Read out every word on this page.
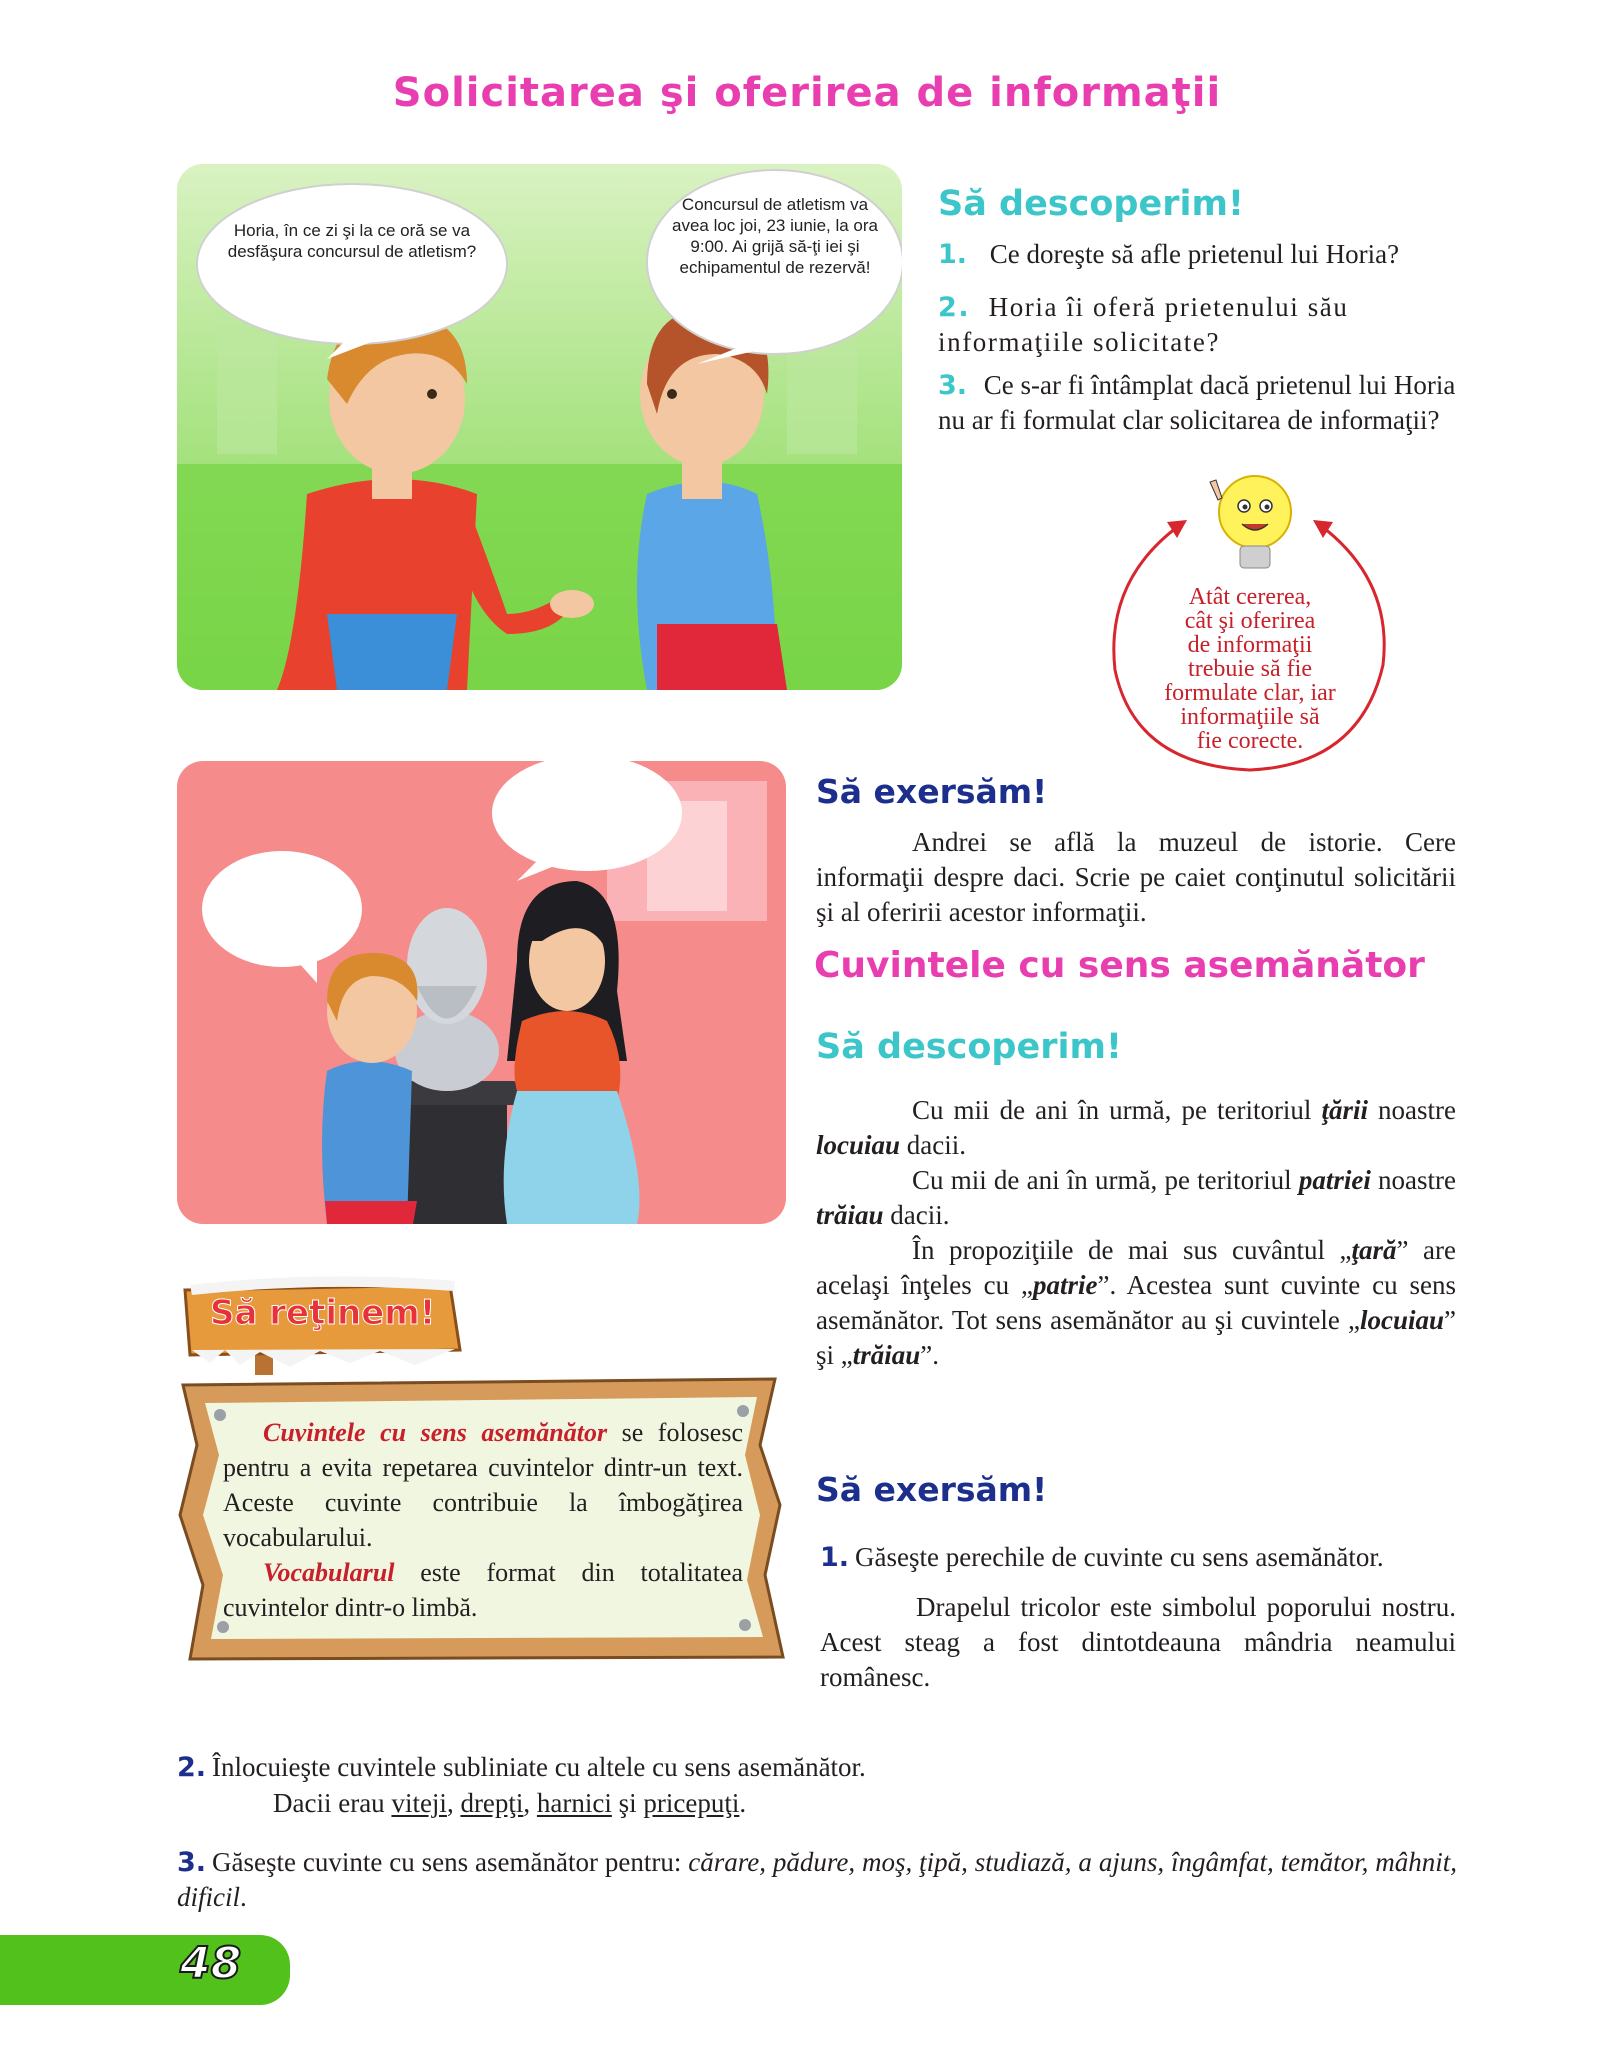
Solicitarea şi oferirea de informaţii
Horia, în ce zi şi la ce oră se va desfăşura concursul de atletism?
Concursul de atletism va avea loc joi, 23 iunie, la ora 9:00. Ai grijă să-ţi iei şi echipamentul de rezervă!
Să descoperim!
1. Ce doreşte să afle prietenul lui Horia?
2. Horia îi oferă prietenului său informaţiile solicitate?
3. Ce s-ar fi întâmplat dacă prietenul lui Horia nu ar fi formulat clar solicitarea de informaţii?
Atât cererea,
cât şi oferirea
de informaţii
trebuie să fie
formulate clar, iar
informaţiile să
fie corecte.
Să exersăm!
Andrei se află la muzeul de istorie. Cere informaţii despre daci. Scrie pe caiet conţinutul solicitării şi al oferirii acestor informaţii.
Cuvintele cu sens asemănător
Să descoperim!
Cu mii de ani în urmă, pe teritoriul ţării noastre locuiau dacii.
Cu mii de ani în urmă, pe teritoriul patriei noastre trăiau dacii.
În propoziţiile de mai sus cuvântul „ţară” are acelaşi înţeles cu „patrie”. Acestea sunt cuvinte cu sens asemănător. Tot sens asemănător au şi cuvintele „locuiau” şi „trăiau”.
Să reţinem!
Cuvintele cu sens asemănător se folosesc pentru a evita repetarea cuvintelor dintr-un text. Aceste cuvinte contribuie la îmbogăţirea vocabularului.
Vocabularul este format din totalitatea cuvintelor dintr-o limbă.
Să exersăm!
1. Găseşte perechile de cuvinte cu sens asemănător.
Drapelul tricolor este simbolul poporului nostru. Acest steag a fost dintotdeauna mândria neamului românesc.
2. Înlocuieşte cuvintele subliniate cu altele cu sens asemănător.
Dacii erau viteji, drepţi, harnici şi pricepuţi.
3. Găseşte cuvinte cu sens asemănător pentru: cărare, pădure, moş, ţipă, studiază, a ajuns, îngâmfat, temător, mâhnit, dificil.
48
